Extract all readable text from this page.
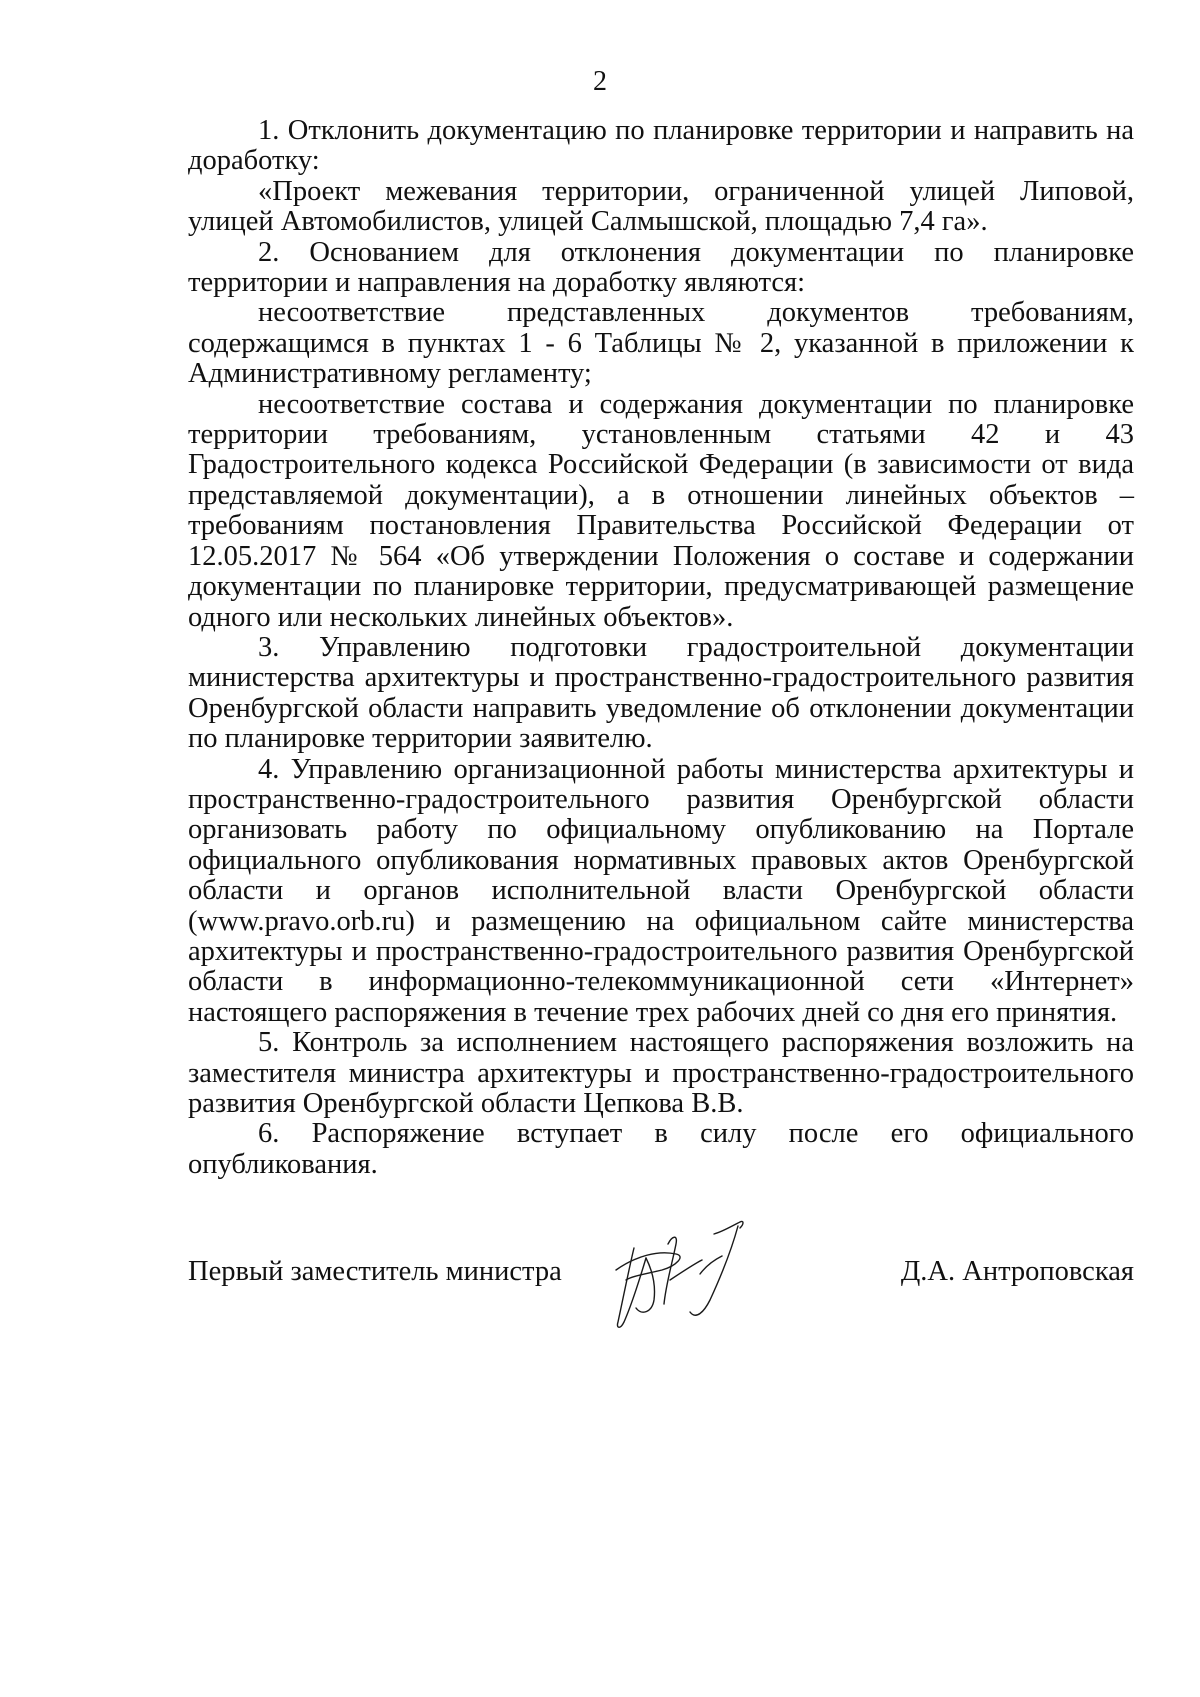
2

1. Отклонить документацию по планировке территории и направить на доработку:

«Проект межевания территории, ограниченной улицей Липовой, улицей Автомобилистов, улицей Салмышской, площадью 7,4 га».

2. Основанием для отклонения документации по планировке территории и направления на доработку являются:

несоответствие представленных документов требованиям, содержащимся в пунктах 1 - 6 Таблицы № 2, указанной в приложении к Административному регламенту;

несоответствие состава и содержания документации по планировке территории требованиям, установленным статьями 42 и 43 Градостроительного кодекса Российской Федерации (в зависимости от вида представляемой документации), а в отношении линейных объектов – требованиям постановления Правительства Российской Федерации от 12.05.2017 № 564 «Об утверждении Положения о составе и содержании документации по планировке территории, предусматривающей размещение одного или нескольких линейных объектов».

3. Управлению подготовки градостроительной документации министерства архитектуры и пространственно-градостроительного развития Оренбургской области направить уведомление об отклонении документации по планировке территории заявителю.

4. Управлению организационной работы министерства архитектуры и пространственно-градостроительного развития Оренбургской области организовать работу по официальному опубликованию на Портале официального опубликования нормативных правовых актов Оренбургской области и органов исполнительной власти Оренбургской области (www.pravo.orb.ru) и размещению на официальном сайте министерства архитектуры и пространственно-градостроительного развития Оренбургской области в информационно-телекоммуникационной сети «Интернет» настоящего распоряжения в течение трех рабочих дней со дня его принятия.

5. Контроль за исполнением настоящего распоряжения возложить на заместителя министра архитектуры и пространственно-градостроительного развития Оренбургской области Цепкова В.В.

6. Распоряжение вступает в силу после его официального опубликования.

Первый заместитель министра	Д.А. Антроповская
